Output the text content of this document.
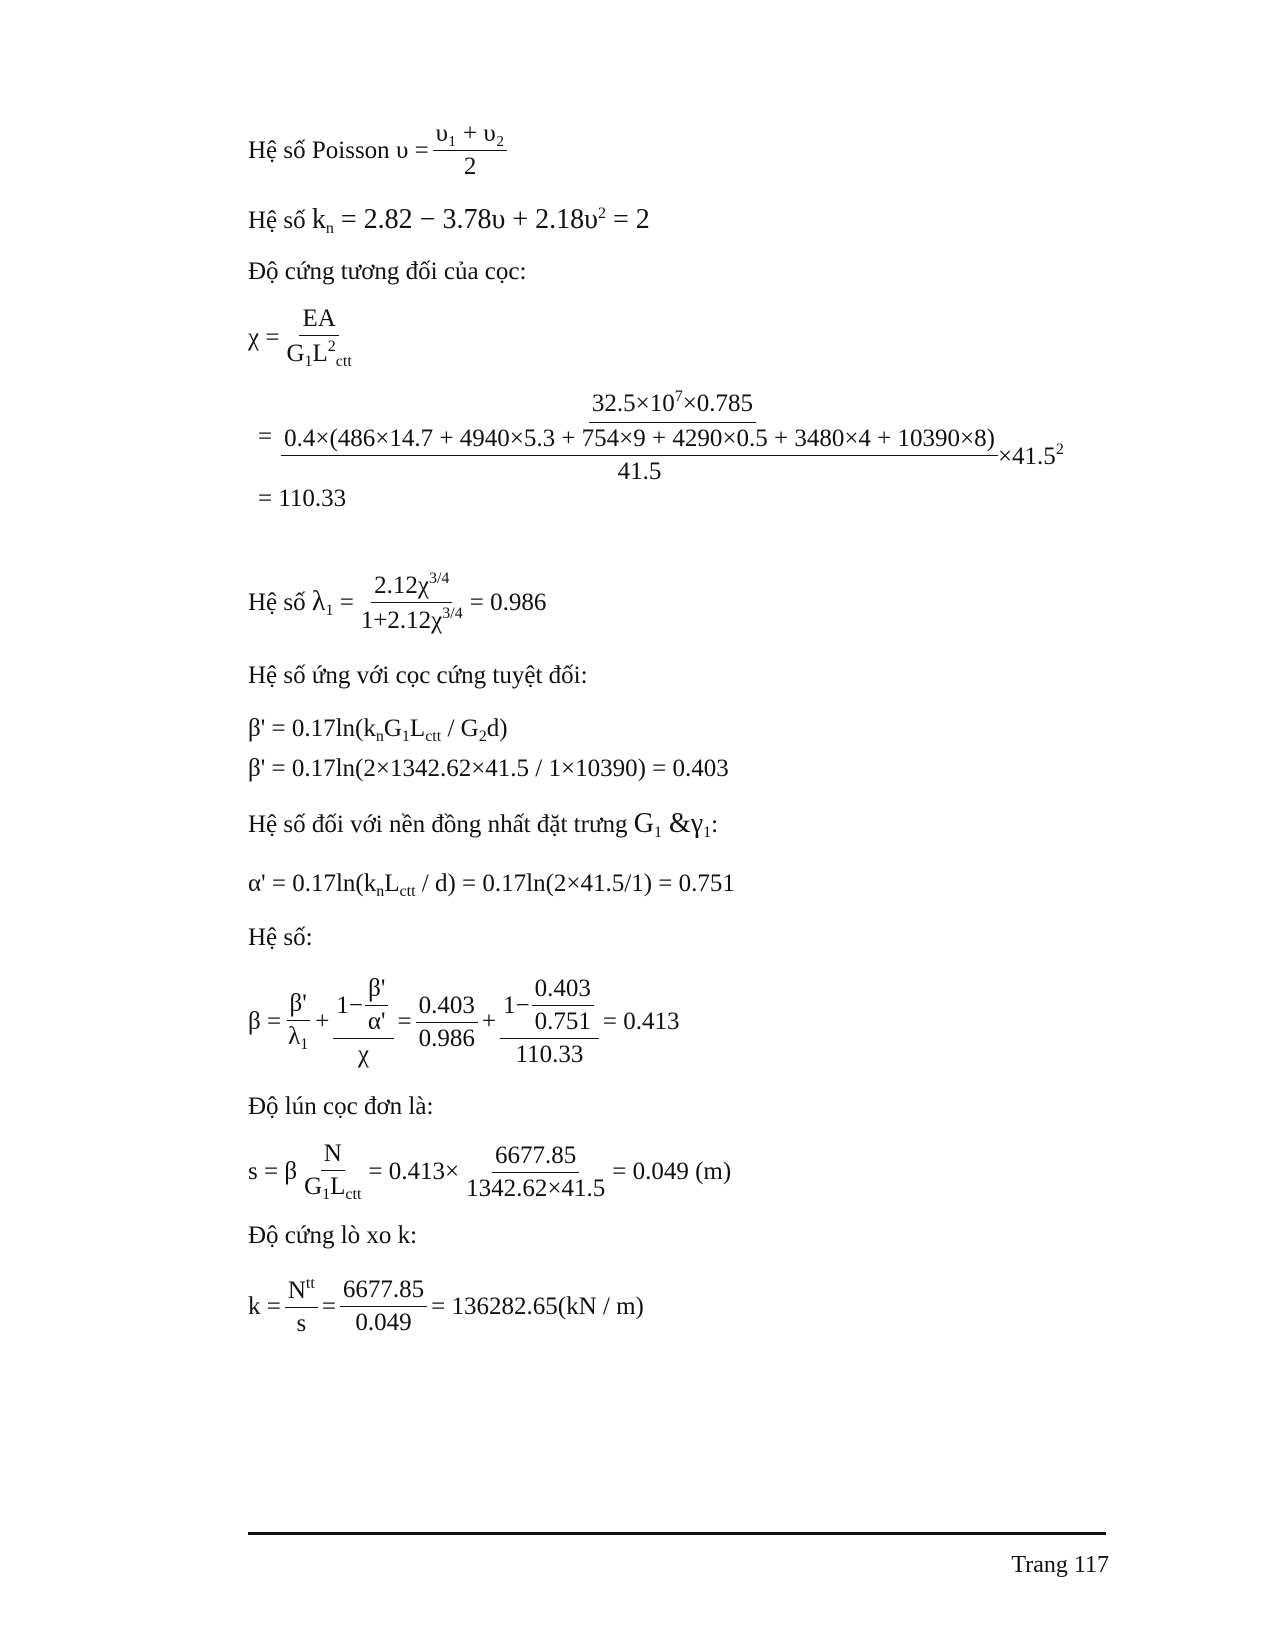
Hệ số Poisson
$\upsilon = \frac{\text{υ₁ + υ₂}}{2}$
Hệ số
$k_n = 2.82 - 3.78\upsilon + 2.18\upsilon^2 = 2$
Độ cứng tương đối của cọc:
$\chi = \frac{EA}{G_1L^2_{ctt}}$
=
$32.5\times 10^7\times 0.785$
0.4×(486×14.7 + 4940×5.3 + 754×9 + 4290×0.5 + 3480×4 + 10390×8)
41.5
$\times 41.5^2$
= 110.33
Hệ số
$\lambda_1 = \frac{2.12\chi^{3/4}}{1+2.12\chi^{3/4}} = 0.986$
Hệ số ứng với cọc cứng tuyệt đối:
$\beta' = 0.17\ln(k_nG_1L_{ctt} / G_2d)$
β' = 0.17ln(2×1342.62×41.5 / 1×10390) = 0.403
Hệ số đối với nền đồng nhất đặt trưng $G_1$ $\&\gamma_1$:
$\alpha' = 0.17\ln(k_nL_{ctt} / d) = 0.17\ln(2\times 41.5/1) = 0.751$
Hệ số:
$\beta = \frac{\beta'}{\lambda_1} + \frac{1- \frac{\beta'}{\alpha'}}{\chi} = \frac{0.403}{0.986} + \frac{1- \frac{0.403}{0.751}}{110.33} = 0.413$
Độ lún cọc đơn là:
s = β $\frac{N}{G_1L_{ctt}} = 0.413\times \frac{6677.85}{1342.62\times 41.5} = 0.049$ (m)
Độ cứng lò xo k:
$k = \frac{N^{tt}}{s} = \frac{6677.85}{0.049} = 136282.65(kN / m)$
Trang 117
